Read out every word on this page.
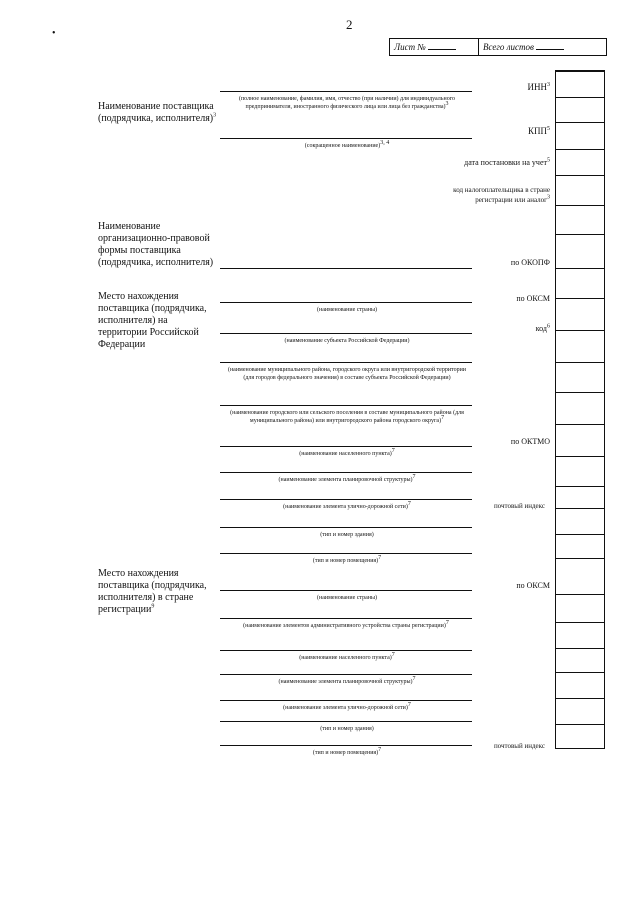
•
2
Лист №	Всего листов
Наименование поставщика (подрядчика, исполнителя)$^3$
Наименование организационно-правовой формы поставщика (подрядчика, исполнителя)
Место нахождения поставщика (подрядчика, исполнителя) на территории Российской Федерации
Место нахождения поставщика (подрядчика, исполнителя) в стране регистрации$^9$
(полное наименование, фамилия, имя, отчество (при наличии) для индивидуального предпринимателя, иностранного физического лица или лица без гражданства)3
(сокращенное наименование)3, 4
(наименование страны)
(наименование субъекта Российской Федерации)
(наименование муниципального района, городского округа или внутригородской территории (для городов федерального значения) в составе субъекта Российской Федерации)
(наименование городского или сельского поселения в составе муниципального района (для муниципального района) или внутригородского района городского округа)7
(наименование населенного пункта)7
(наименование элемента планировочной структуры)7
(наименование элемента улично-дорожной сети)7
(тип и номер здания)
(тип и номер помещения)7
(наименование страны)
(наименование элементов административного устройства страны регистрации)7
(наименование населенного пункта)7
(наименование элемента планировочной структуры)7
(наименование элемента улично-дорожной сети)7
(тип и номер здания)
(тип и номер помещения)7
ИНН$^3$
КПП$^5$
дата постановки на учет$^5$
код налогоплательщика в стране регистрации или аналог3
по ОКОПФ
по ОКСМ
код$^6$
по ОКТМО
почтовый индекс
по ОКСМ
почтовый индекс
